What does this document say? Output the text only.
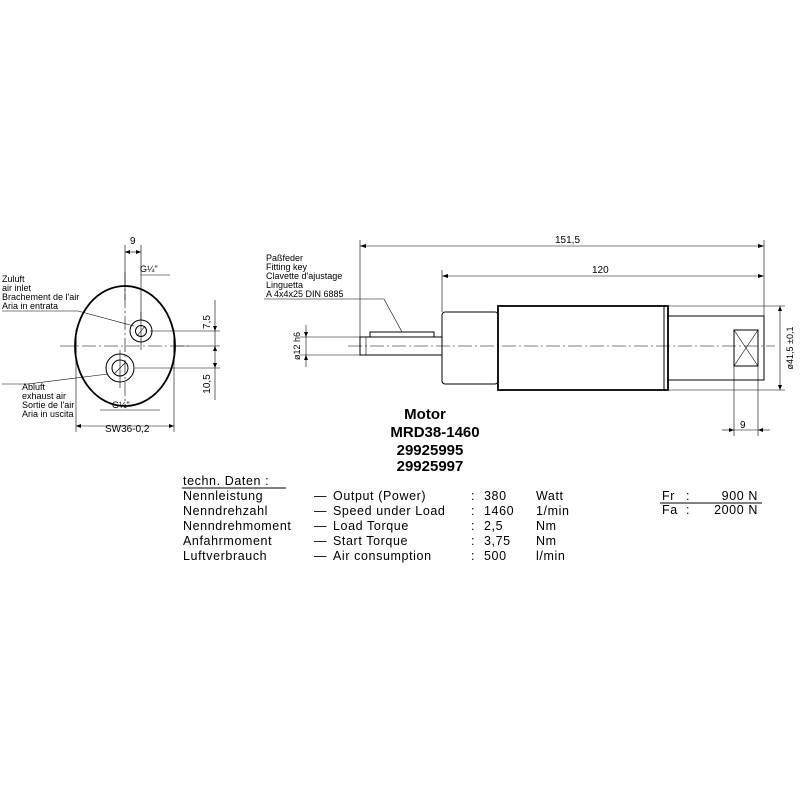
9
G¼"
7,5
10,5
G¼"
SW36-0,2
Zuluft
air inlet
Brachement de l'air
Aria in entrata
Abluft
exhaust air
Sortie de l'air
Aria in uscita
151,5
120
ø12 h6	ø41,5 ±0,1
9
Paßfeder
Fitting key
Clavette d'ajustage
Linguetta
A 4x4x25 DIN 6885
Motor
MRD38-1460
29925995
29925997
techn. Daten :
Nennleistung	— Output (Power)	: 380 Watt
Nenndrehzahl	— Speed under Load : 1460 1/min
Nenndrehmoment — Load Torque	: 2,5	Nm
Anfahrmoment	— Start Torque	: 3,75 Nm
Luftverbrauch	— Air consumption	: 500 l/min
Fr :	900 N
Fa : 2000 N
